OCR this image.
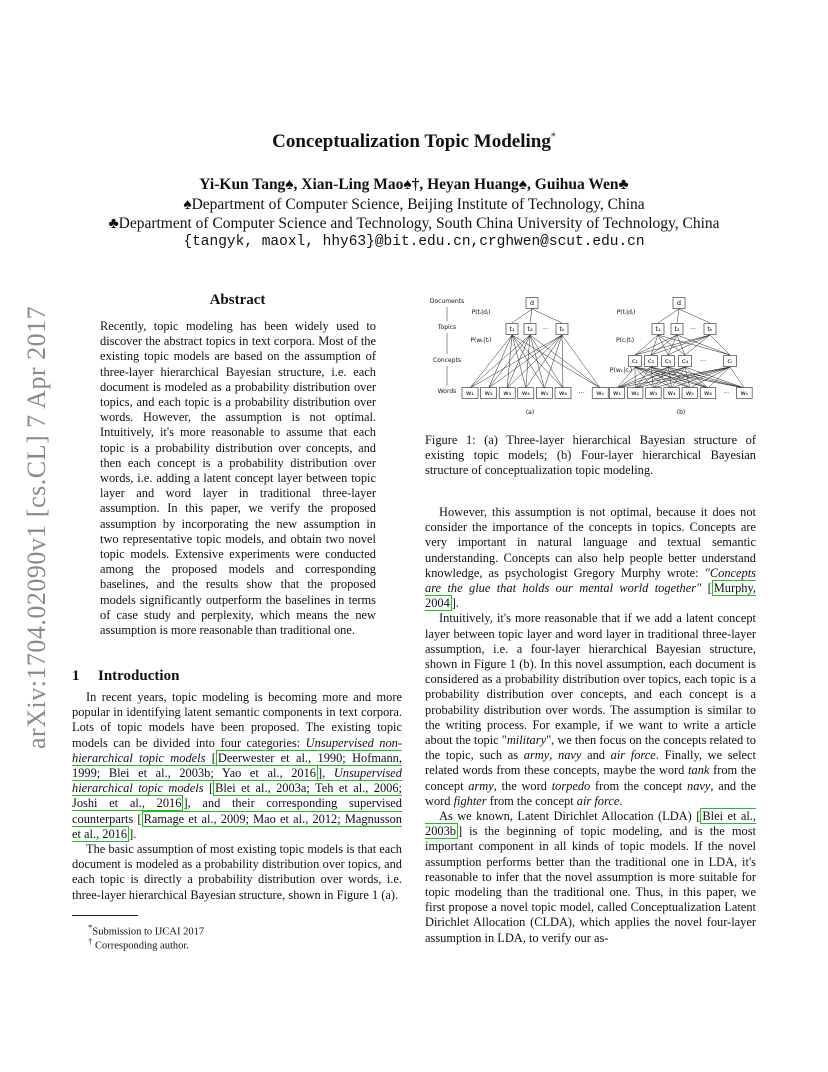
arXiv:1704.02090v1 [cs.CL] 7 Apr 2017
Conceptualization Topic Modeling*
Yi-Kun Tang♠, Xian-Ling Mao♠†, Heyan Huang♠, Guihua Wen♣
♠Department of Computer Science, Beijing Institute of Technology, China
♣Department of Computer Science and Technology, South China University of Technology, China
{tangyk, maoxl, hhy63}@bit.edu.cn,crghwen@scut.edu.cn
Abstract
Recently, topic modeling has been widely used to discover the abstract topics in text corpora. Most of the existing topic models are based on the assumption of three-layer hierarchical Bayesian structure, i.e. each document is modeled as a probability distribution over topics, and each topic is a probability distribution over words. However, the assumption is not optimal. Intuitively, it's more reasonable to assume that each topic is a probability distribution over concepts, and then each concept is a probability distribution over words, i.e. adding a latent concept layer between topic layer and word layer in traditional three-layer assumption. In this paper, we verify the proposed assumption by incorporating the new assumption in two representative topic models, and obtain two novel topic models. Extensive experiments were conducted among the proposed models and corresponding baselines, and the results show that the proposed models significantly outperform the baselines in terms of case study and perplexity, which means the new assumption is more reasonable than traditional one.
1 Introduction

In recent years, topic modeling is becoming more and more popular in identifying latent semantic components in text corpora. Lots of topic models have been proposed. The existing topic models can be divided into four categories: Unsupervised non-hierarchical topic models [ Deerwester et al., 1990; Hofmann, 1999; Blei et al., 2003b; Yao et al., 2016 ], Unsupervised hierarchical topic models [ Blei et al., 2003a; Teh et al., 2006; Joshi et al., 2016 ], and their corresponding supervised counterparts [ Ramage et al., 2009; Mao et al., 2012; Magnusson et al., 2016 ].

The basic assumption of most existing topic models is that each document is modeled as a probability distribution over topics, and each topic is directly a probability distribution over words, i.e. three-layer hierarchical Bayesian structure, shown in Figure 1 (a).

*Submission to IJCAI 2017
† Corresponding author.
Documents
Topics
Concepts
Words
···
···
P(tᵢ|dⱼ)
P(wₖ|tᵢ)
(a)
···
···
···
P(tᵢ|dⱼ)
P(cⱼ|tᵢ)
P(wₖ|cⱼ)
(b)
d
t₁ t₂	tₖ
w₁ w₂ w₃ w₄ w₅ w₆	wₙ
d
t₁ t₂	tₖ
c₁ c₂ c₃ c₄	cᵣ
w₁ w₂ w₃ w₄ w₅ w₆	wₙ
Figure 1: (a) Three-layer hierarchical Bayesian structure of existing topic models; (b) Four-layer hierarchical Bayesian structure of conceptualization topic modeling.

However, this assumption is not optimal, because it does not consider the importance of the concepts in topics. Concepts are very important in natural language and textual semantic understanding. Concepts can also help people better understand knowledge, as psychologist Gregory Murphy wrote: "Concepts are the glue that holds our mental world together" [ Murphy, 2004 ].

Intuitively, it's more reasonable that if we add a latent concept layer between topic layer and word layer in traditional three-layer assumption, i.e. a four-layer hierarchical Bayesian structure, shown in Figure 1 (b). In this novel assumption, each document is considered as a probability distribution over topics, each topic is a probability distribution over concepts, and each concept is a probability distribution over words. The assumption is similar to the writing process. For example, if we want to write a article about the topic "military", we then focus on the concepts related to the topic, such as army, navy and air force. Finally, we select related words from these concepts, maybe the word tank from the concept army, the word torpedo from the concept navy, and the word fighter from the concept air force.

As we known, Latent Dirichlet Allocation (LDA) [ Blei et al., 2003b ] is the beginning of topic modeling, and is the most important component in all kinds of topic models. If the novel assumption performs better than the traditional one in LDA, it's reasonable to infer that the novel assumption is more suitable for topic modeling than the traditional one. Thus, in this paper, we first propose a novel topic model, called Conceptualization Latent Dirichlet Allocation (CLDA), which applies the novel four-layer assumption in LDA, to verify our as-
